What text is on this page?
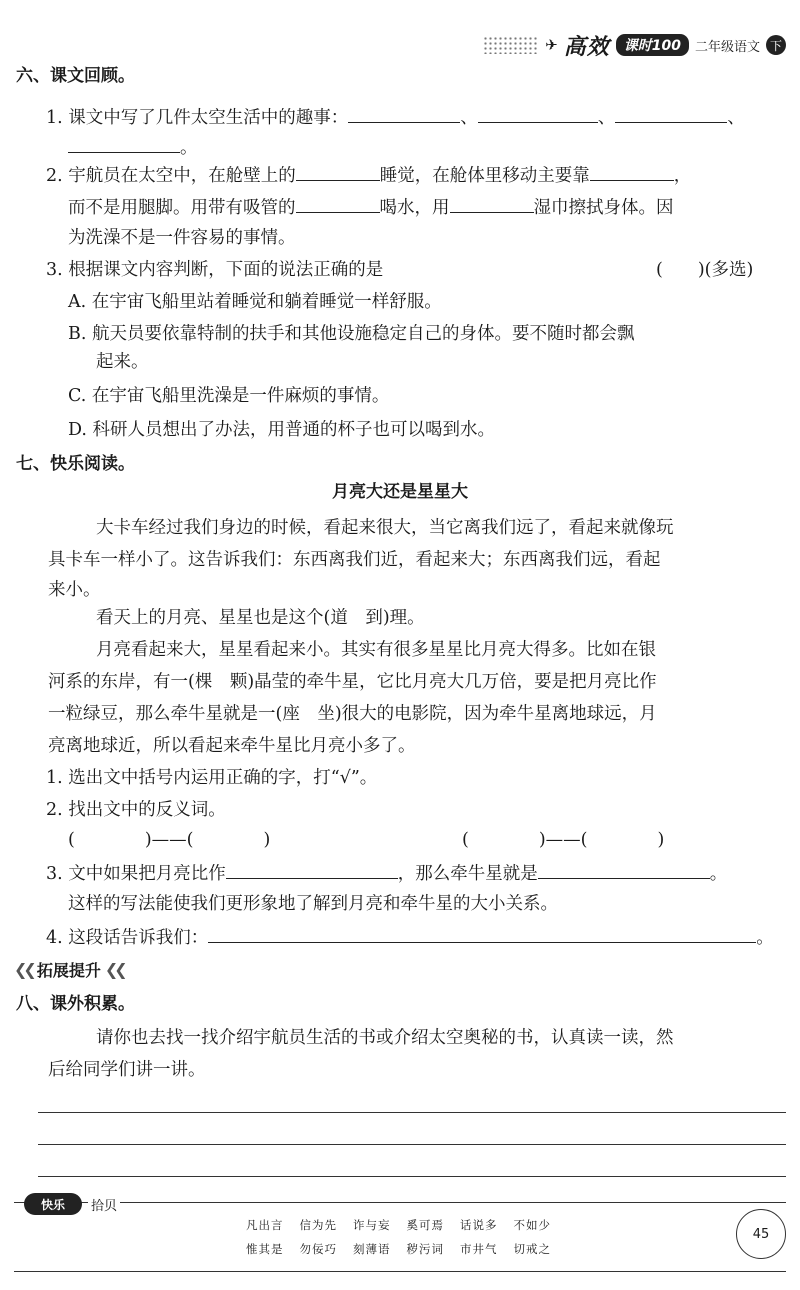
✈ 高效	课时100	二年级语文 下
六、课文回顾。
1. 课文中写了几件太空生活中的趣事：	、	、	、
。
2. 宇航员在太空中，在舱壁上的	睡觉，在舱体里移动主要靠	，
而不是用腿脚。用带有吸管的	喝水，用	湿巾擦拭身体。因
为洗澡不是一件容易的事情。
3. 根据课文内容判断，下面的说法正确的是	(　　)(多选)
A. 在宇宙飞船里站着睡觉和躺着睡觉一样舒服。
B. 航天员要依靠特制的扶手和其他设施稳定自己的身体。要不随时都会飘
起来。
C. 在宇宙飞船里洗澡是一件麻烦的事情。
D. 科研人员想出了办法，用普通的杯子也可以喝到水。
七、快乐阅读。
月亮大还是星星大
大卡车经过我们身边的时候，看起来很大，当它离我们远了，看起来就像玩
具卡车一样小了。这告诉我们：东西离我们近，看起来大；东西离我们远，看起
来小。
看天上的月亮、星星也是这个(道　到)理。
月亮看起来大，星星看起来小。其实有很多星星比月亮大得多。比如在银
河系的东岸，有一(棵　颗)晶莹的牵牛星，它比月亮大几万倍，要是把月亮比作
一粒绿豆，那么牵牛星就是一(座　坐)很大的电影院，因为牵牛星离地球远，月
亮离地球近，所以看起来牵牛星比月亮小多了。
1. 选出文中括号内运用正确的字，打“√”。
2. 找出文中的反义词。
(　　　　)——(　　　　)	(　　　　)——(　　　　)
3. 文中如果把月亮比作	，那么牵牛星就是	。
这样的写法能使我们更形象地了解到月亮和牵牛星的大小关系。
4. 这段话告诉我们：	。
❮❮ 拓展提升 ❮❮
八、课外积累。
请你也去找一找介绍宇航员生活的书或介绍太空奥秘的书，认真读一读，然
后给同学们讲一讲。
快乐	拾贝
凡出言 信为先 诈与妄 奚可焉 话说多 不如少
惟其是 勿佞巧 刻薄语 秽污词 市井气 切戒之
45
